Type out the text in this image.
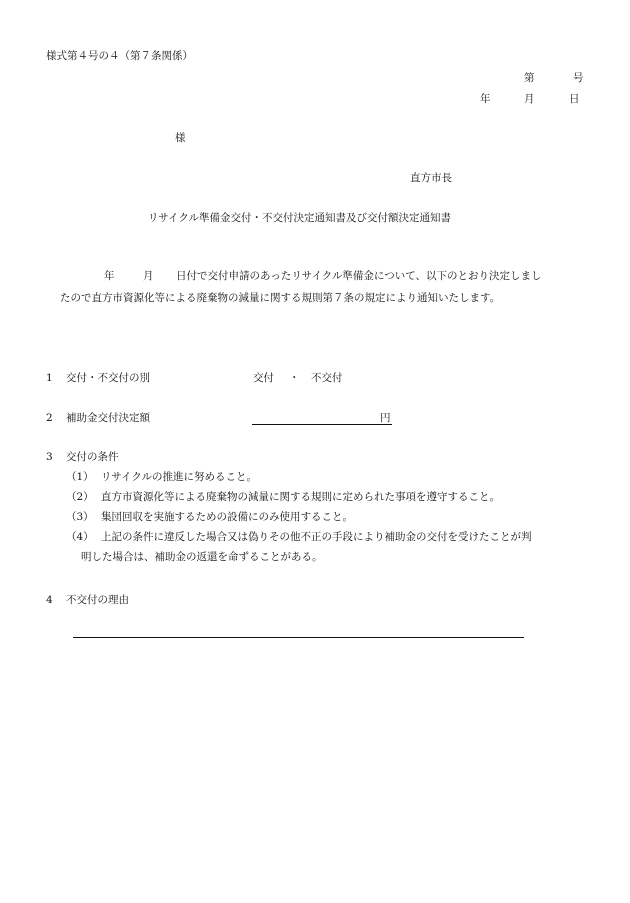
様式第４号の４（第７条関係）
第	号
年	月	日
様
直方市長
リサイクル準備金交付・不交付決定通知書及び交付額決定通知書
年	月 日付で交付申請のあったリサイクル準備金について、以下のとおり決定しまし
たので直方市資源化等による廃棄物の減量に関する規則第７条の規定により通知いたします。
1 交付・不交付の別	交付 ・ 不交付
2 補助金交付決定額	円
3 交付の条件
（1） リサイクルの推進に努めること。
（2） 直方市資源化等による廃棄物の減量に関する規則に定められた事項を遵守すること。
（3） 集団回収を実施するための設備にのみ使用すること。
（4） 上記の条件に違反した場合又は偽りその他不正の手段により補助金の交付を受けたことが判
明した場合は、補助金の返還を命ずることがある。
4 不交付の理由
